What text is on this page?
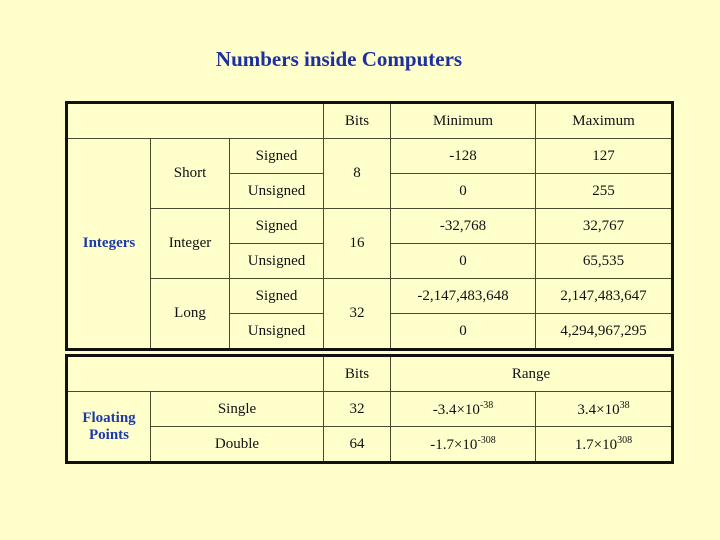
Numbers inside Computers
			Bits	Minimum	Maximum
Integers	Short	Signed	8	-128	127
		Unsigned		0	255
	Integer	Signed	16	-32,768	32,767
		Unsigned		0	65,535
	Long	Signed	32	-2,147,483,648	2,147,483,647
		Unsigned		0	4,294,967,295
		Bits	Range	
Floating
Points	Single	32	$-3.4\times 10^{-38}$	$3.4\times 10^{38}$
	Double	64	$-1.7\times 10^{-308}$	$1.7\times 10^{308}$
